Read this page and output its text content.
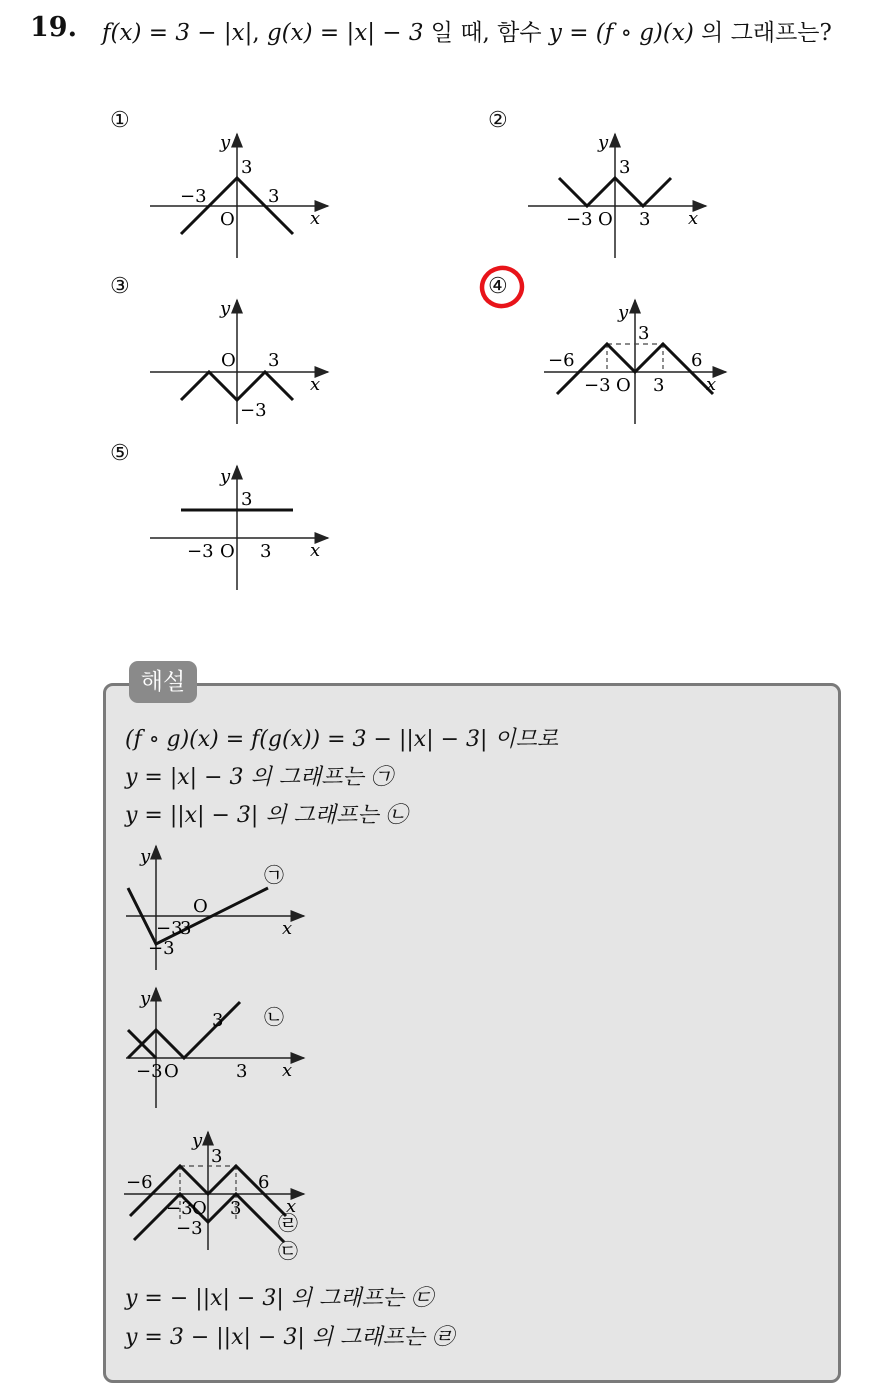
19. f(x) = 3 − |x|, g(x) = |x| − 3 일 때, 함수 y = (f ∘ g)(x) 의 그래프는?
①
y
x
3
−3	3
O
②
y
x
3
−3 O 3
③
y
x
O 3
−3
④
y
x
3
−6
−3 O 3
6
⑤
y
x
−3 O 3
3
해설
(f ∘ g)(x) = f(g(x)) = 3 − ||x| − 3| 이므로
y = |x| − 3 의 그래프는 ㉠
y = ||x| − 3| 의 그래프는 ㉡
y
x
O
−3
3
−3
㉠
y
x
3
−3 O	3
㉡
y
x
3
−6
−3 O 3
6
−3	㉣
㉢
y = − ||x| − 3| 의 그래프는 ㉢
y = 3 − ||x| − 3| 의 그래프는 ㉣
